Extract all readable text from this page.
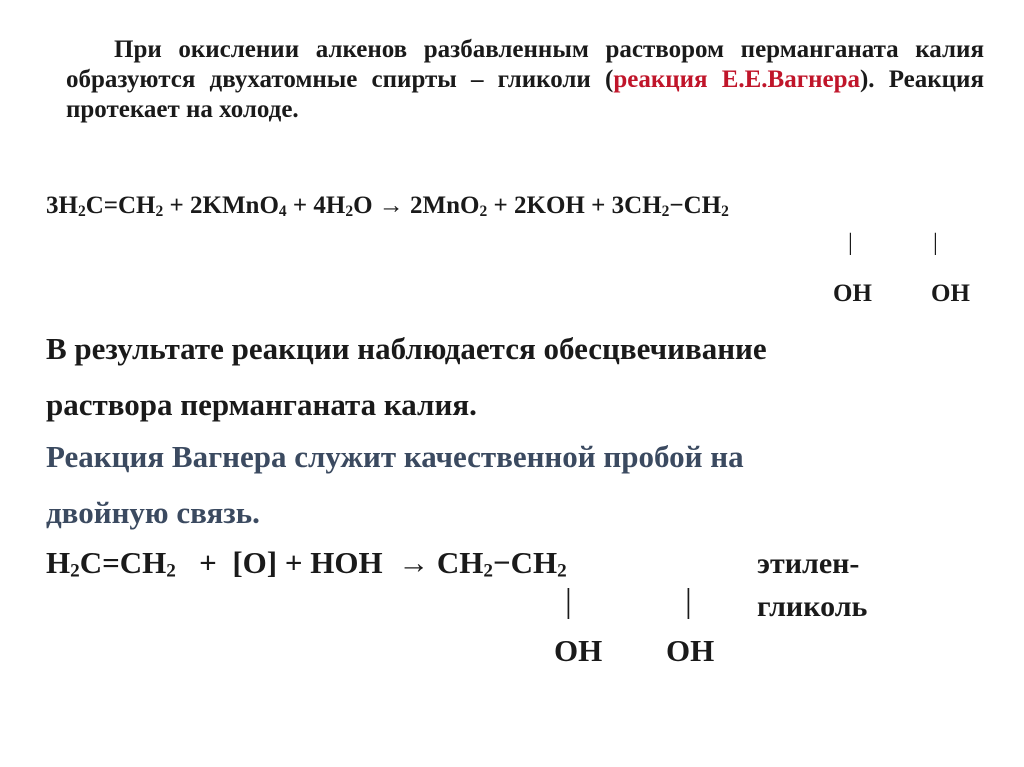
При окислении алкенов разбавленным раствором перманганата калия образуются двухатомные спирты – гликоли (реакция Е.Е.Вагнера). Реакция протекает на холоде.

$3H_2C=CH_2$ + 2KMnO$_4$ + $4H_2O \to 2MnO_2 + 2KOH + 3CH_2-CH_2$
|	|
OH OH
В результате реакции наблюдается обесцвечивание
раствора перманганата калия.
Реакция Вагнера служит качественной пробой на
двойную связь.
$H_2C=CH_2 + [O]$ + HOH  → $CH_2-CH_2$	этилен-
гликоль
|	|
OH OH
